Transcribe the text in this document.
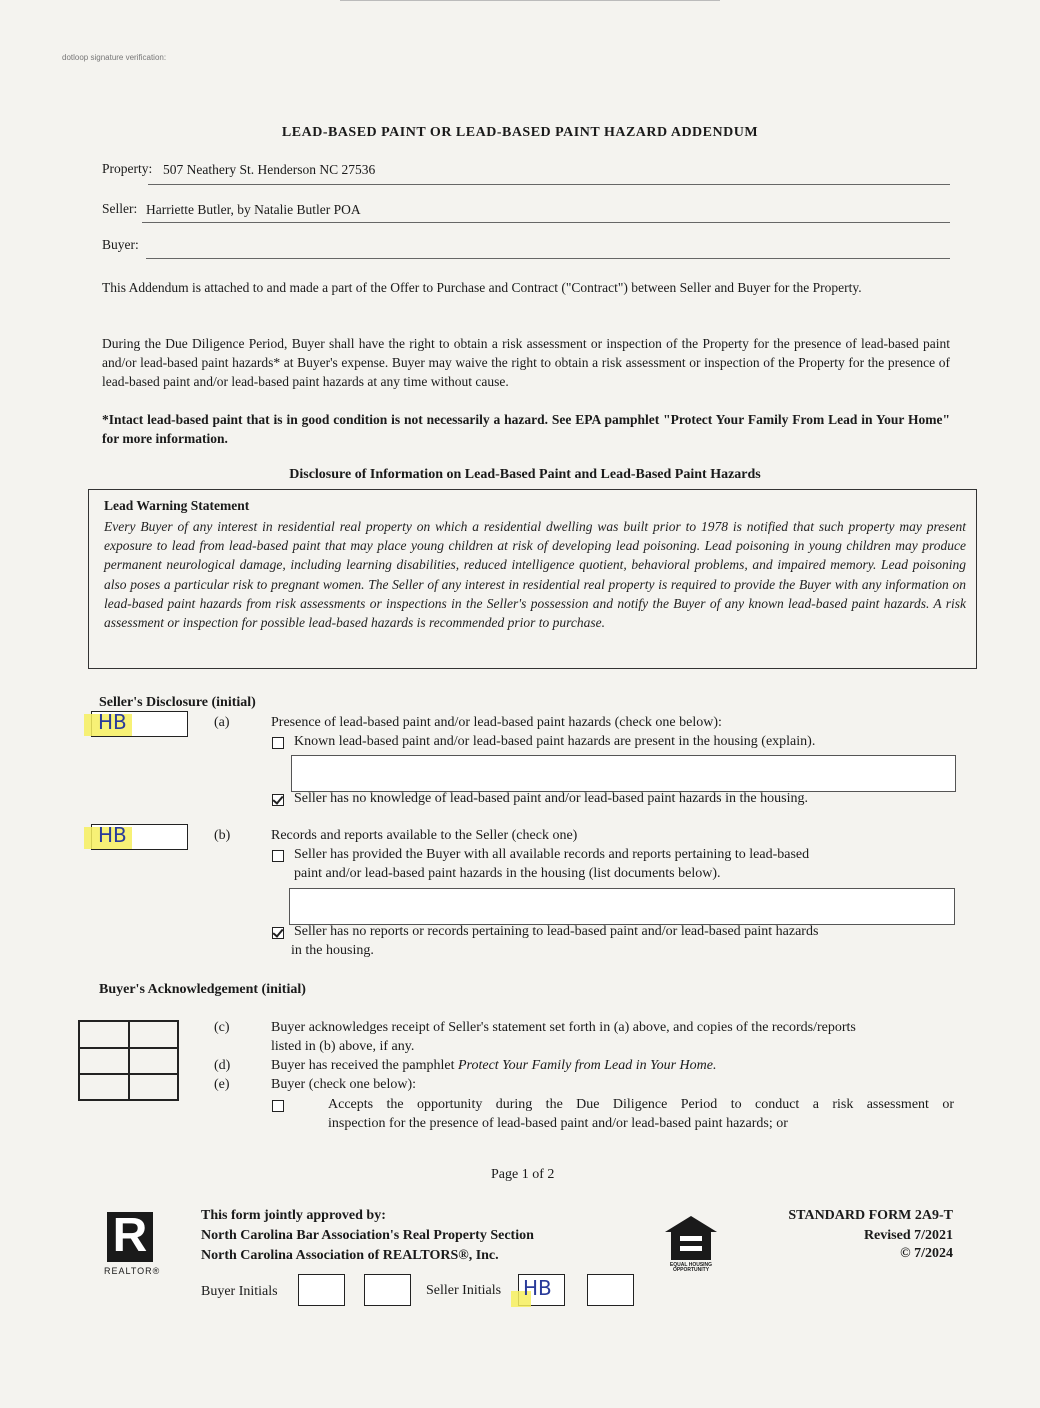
dotloop signature verification:
LEAD-BASED PAINT OR LEAD-BASED PAINT HAZARD ADDENDUM
Property: 507 Neathery St. Henderson NC 27536
Seller: Harriette Butler, by Natalie Butler POA
Buyer:

This Addendum is attached to and made a part of the Offer to Purchase and Contract ("Contract") between Seller and Buyer for the Property.

During the Due Diligence Period, Buyer shall have the right to obtain a risk assessment or inspection of the Property for the presence of lead-based paint and/or lead-based paint hazards* at Buyer's expense. Buyer may waive the right to obtain a risk assessment or inspection of the Property for the presence of lead-based paint and/or lead-based paint hazards at any time without cause.

*Intact lead-based paint that is in good condition is not necessarily a hazard. See EPA pamphlet "Protect Your Family From Lead in Your Home" for more information.

Disclosure of Information on Lead-Based Paint and Lead-Based Paint Hazards
Lead Warning Statement
Every Buyer of any interest in residential real property on which a residential dwelling was built prior to 1978 is notified that such property may present exposure to lead from lead-based paint that may place young children at risk of developing lead poisoning. Lead poisoning in young children may produce permanent neurological damage, including learning disabilities, reduced intelligence quotient, behavioral problems, and impaired memory. Lead poisoning also poses a particular risk to pregnant women. The Seller of any interest in residential real property is required to provide the Buyer with any information on lead-based paint hazards from risk assessments or inspections in the Seller's possession and notify the Buyer of any known lead-based paint hazards. A risk assessment or inspection for possible lead-based hazards is recommended prior to purchase.
Seller's Disclosure (initial)
HB	(a)	Presence of lead-based paint and/or lead-based paint hazards (check one below):
Known lead-based paint and/or lead-based paint hazards are present in the housing (explain).
Seller has no knowledge of lead-based paint and/or lead-based paint hazards in the housing.
HB	(b)	Records and reports available to the Seller (check one)
Seller has provided the Buyer with all available records and reports pertaining to lead-based
paint and/or lead-based paint hazards in the housing (list documents below).
Seller has no reports or records pertaining to lead-based paint and/or lead-based paint hazards
in the housing.
Buyer's Acknowledgement (initial)
(c)	Buyer acknowledges receipt of Seller's statement set forth in (a) above, and copies of the records/reports
listed in (b) above, if any.
(d)	Buyer has received the pamphlet Protect Your Family from Lead in Your Home.
(e)	Buyer (check one below):
Accepts the opportunity during the Due Diligence Period to conduct a risk assessment or
inspection for the presence of lead-based paint and/or lead-based paint hazards; or
Page 1 of 2
R
REALTOR®
This form jointly approved by:
North Carolina Bar Association's Real Property Section
North Carolina Association of REALTORS®, Inc.
EQUAL HOUSING OPPORTUNITY
STANDARD FORM 2A9-T
Revised 7/2021
© 7/2024
Buyer Initials	Seller Initials HB
